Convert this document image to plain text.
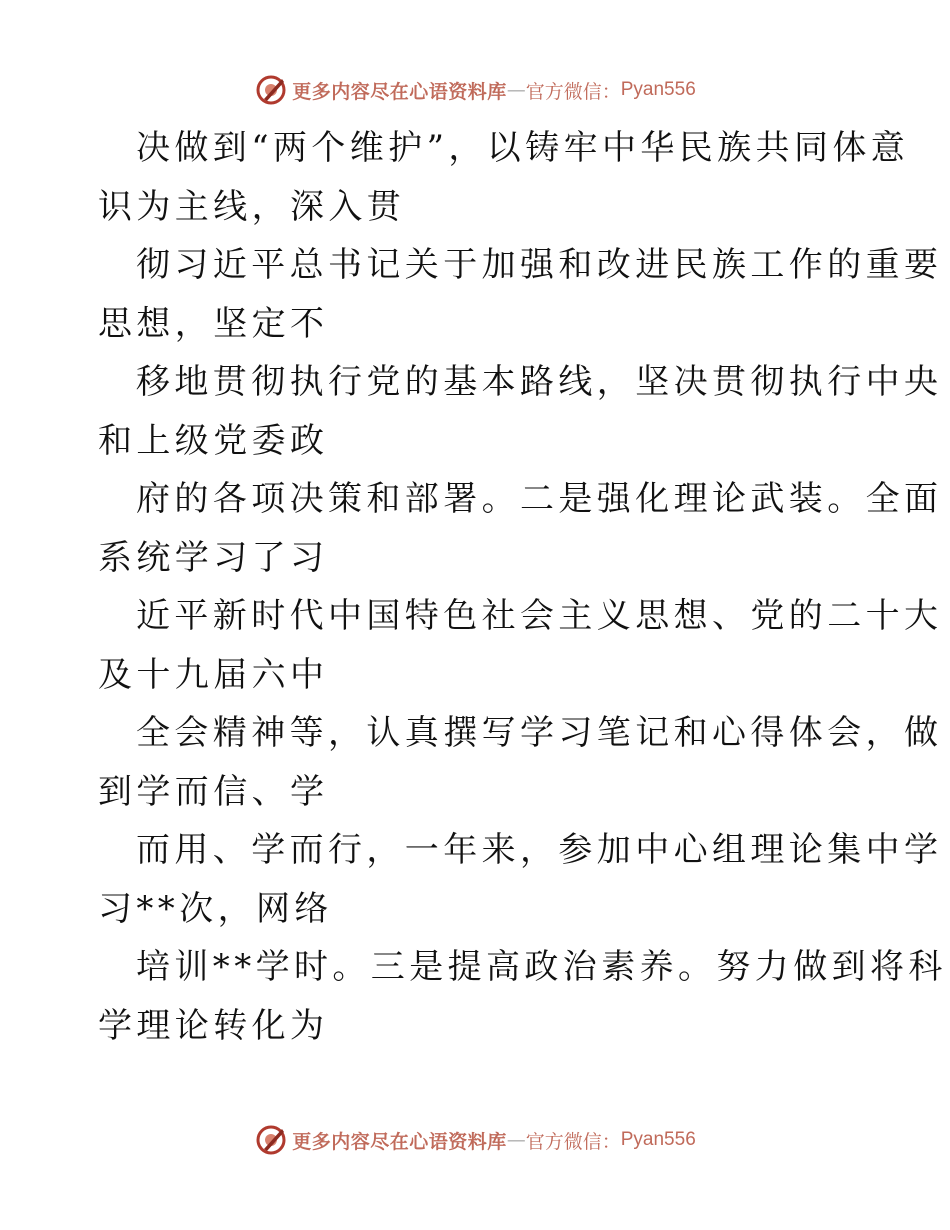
更多内容尽在心语资料库 — 官方微信： Pyan556
决做到“两个维护”，以铸牢中华民族共同体意
识为主线，深入贯
彻习近平总书记关于加强和改进民族工作的重要
思想，坚定不
移地贯彻执行党的基本路线，坚决贯彻执行中央
和上级党委政
府的各项决策和部署。二是强化理论武装。全面
系统学习了习
近平新时代中国特色社会主义思想、党的二十大
及十九届六中
全会精神等，认真撰写学习笔记和心得体会，做
到学而信、学
而用、学而行，一年来，参加中心组理论集中学
习**次，网络
培训**学时。三是提高政治素养。努力做到将科
学理论转化为
更多内容尽在心语资料库 — 官方微信： Pyan556
